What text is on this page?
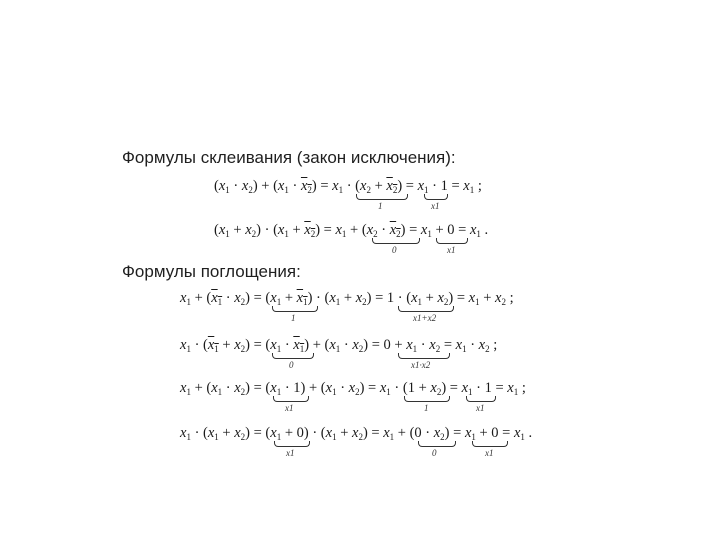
Формулы склеивания (закон исключения):
$(x_1 \cdot x_2) + (x_1 \cdot x_2) = x_1 \cdot (x_2 + x_2) = x_1 \cdot 1 = x_1$ ;
1	x1
$(x_1 + x_2) \cdot (x_1 + x_2) = x_1 + (x_2 \cdot x_2) = x_1 + 0 = x_1$ .
0	x1
Формулы поглощения:
$x_1 + (x_1 \cdot x_2) = (x_1 + x_1) \cdot (x_1 + x_2) = 1 \cdot (x_1 + x_2) = x_1 + x_2$ ;
1	x1+x2
$x_1 \cdot (x_1 + x_2) = (x_1 \cdot x_1) + (x_1 \cdot x_2) = 0 + x_1 \cdot x_2 = x_1 \cdot x_2$ ;
0	x1·x2
$x_1 + (x_1 \cdot x_2) = (x_1 \cdot 1) + (x_1 \cdot x_2) = x_1 \cdot (1 + x_2) = x_1 \cdot 1 = x_1$ ;
x1	1	x1
$x_1 \cdot (x_1 + x_2) = (x_1 + 0) \cdot (x_1 + x_2) = x_1 + (0 \cdot x_2) = x_1 + 0 = x_1$ .
x1	0	x1
